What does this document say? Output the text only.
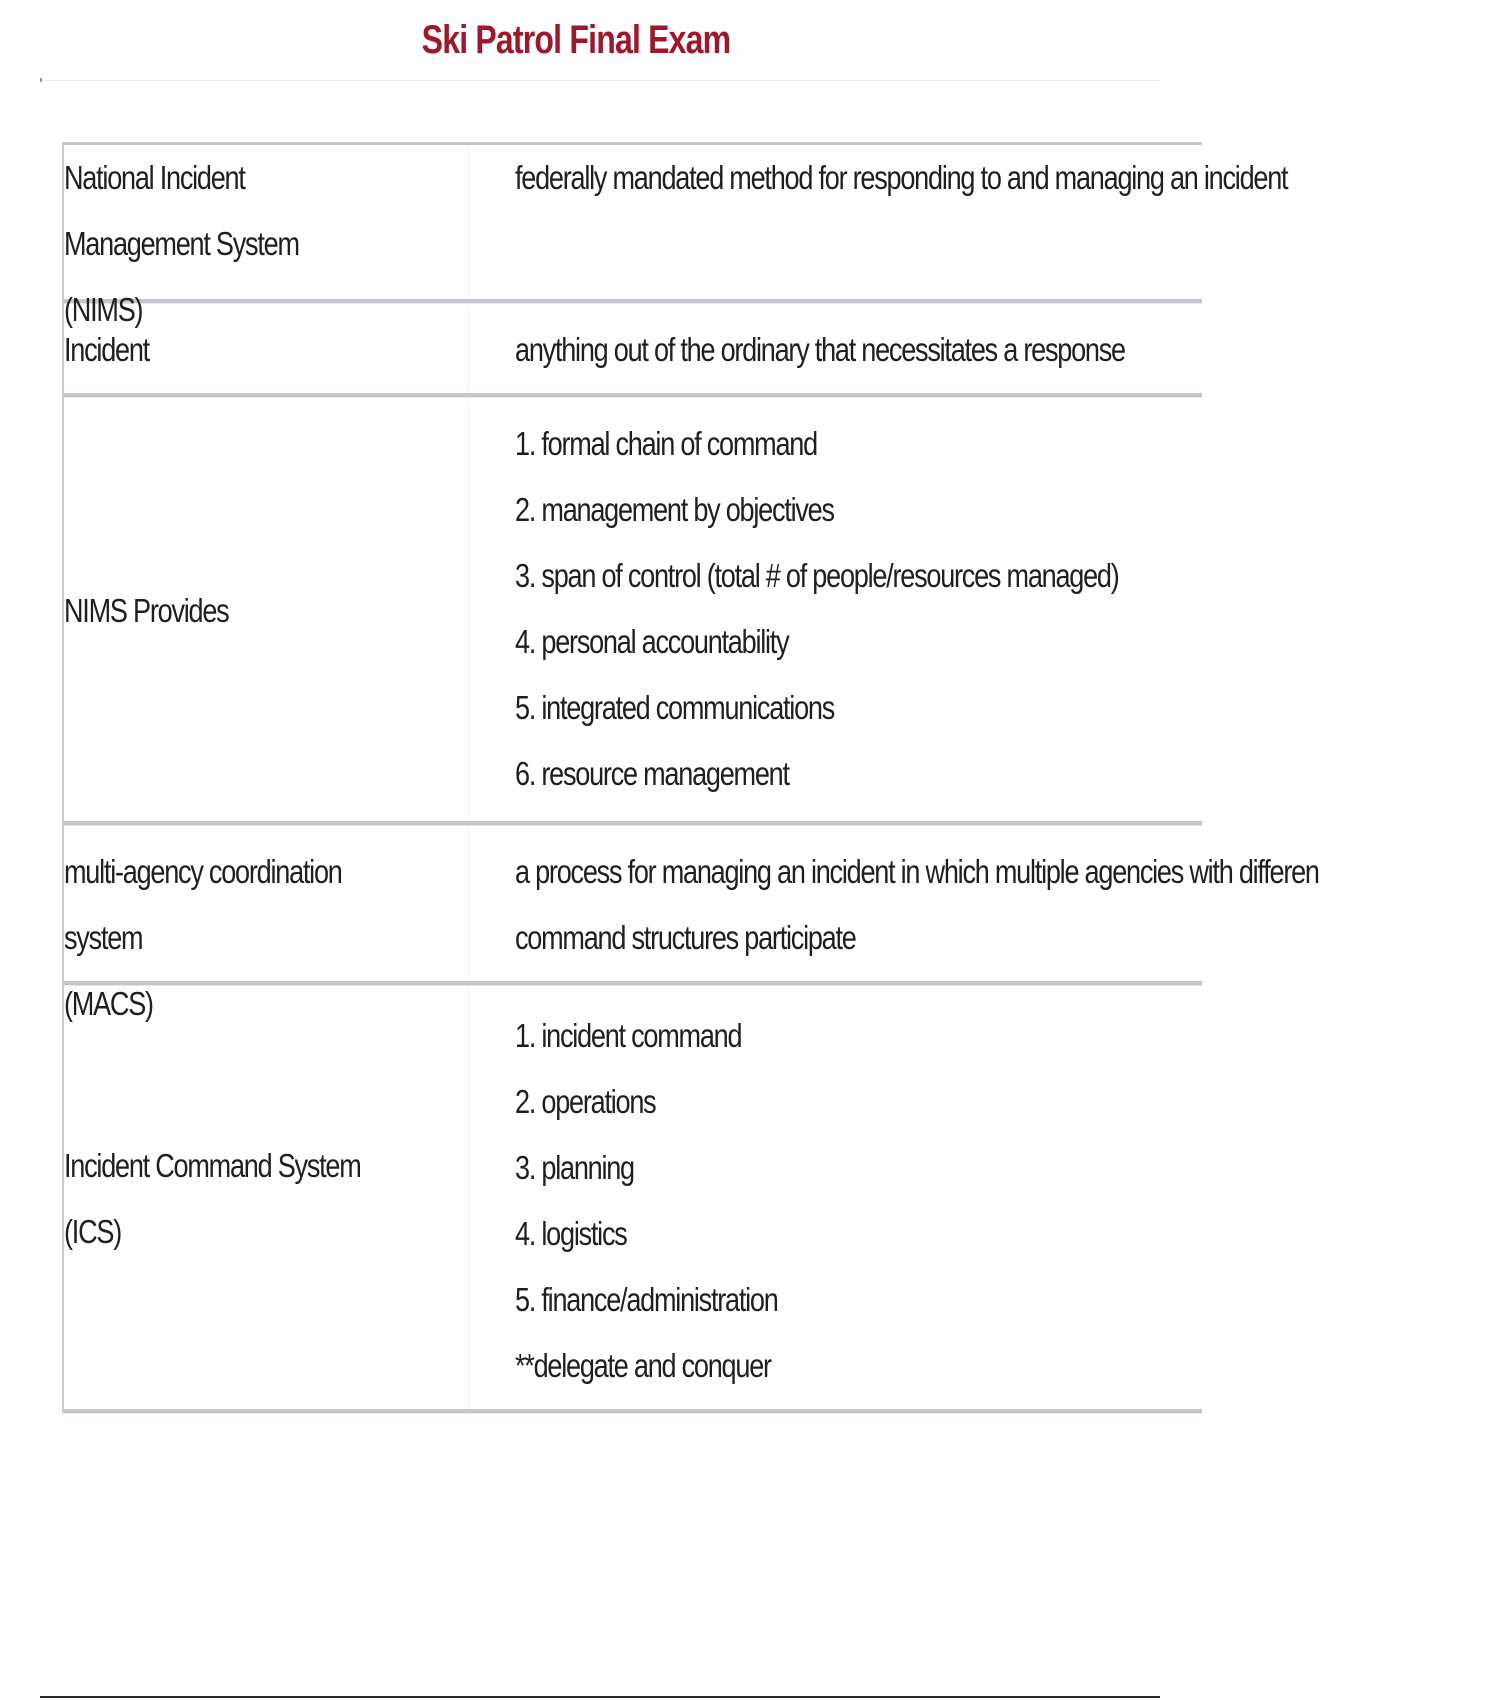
Ski Patrol Final Exam
National Incident Management System
(NIMS)
federally mandated method for responding to and managing an incident
Incident	anything out of the ordinary that necessitates a response
NIMS Provides
1. formal chain of command
2. management by objectives
3. span of control (total # of people/resources managed)
4. personal accountability
5. integrated communications
6. resource management
multi-agency coordination system
(MACS)
a process for managing an incident in which multiple agencies with differen
command structures participate
Incident Command System (ICS)
1. incident command
2. operations
3. planning
4. logistics
5. finance/administration
**delegate and conquer
